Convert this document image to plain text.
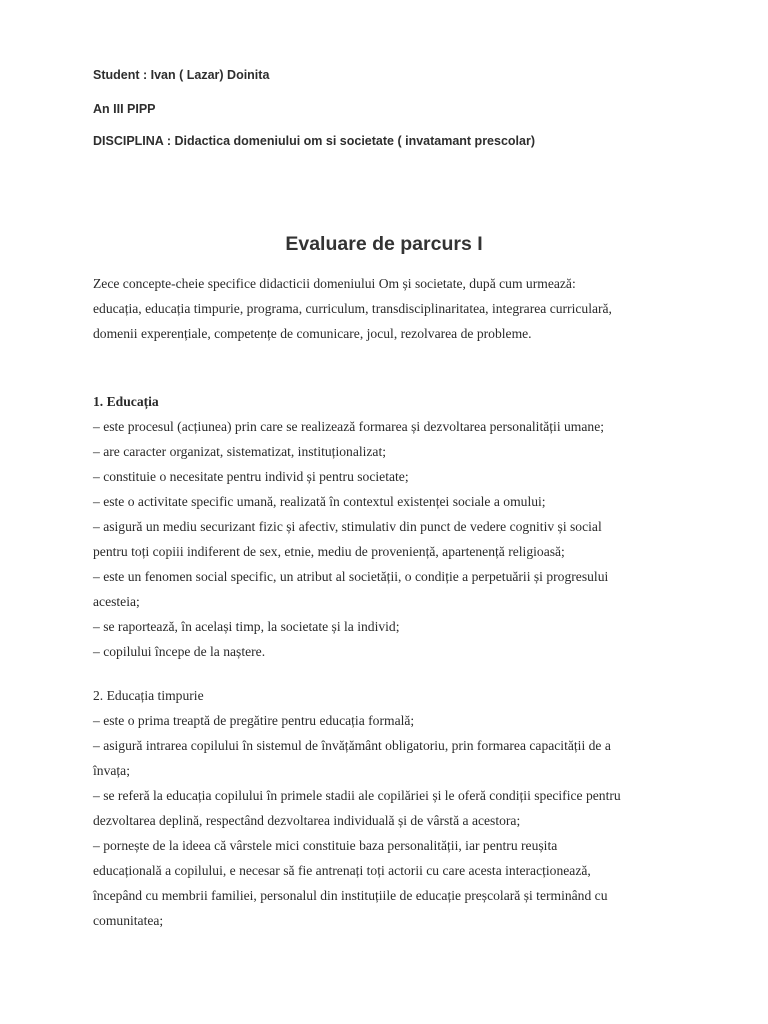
Student : Ivan ( Lazar) Doinita

An III PIPP

DISCIPLINA : Didactica domeniului om si societate ( invatamant prescolar)

Evaluare de parcurs I
Zece concepte-cheie specifice didacticii domeniului Om și societate, după cum urmează:
educația, educația timpurie, programa, curriculum, transdisciplinaritatea, integrarea curriculară,
domenii experențiale, competențe de comunicare, jocul, rezolvarea de probleme.
1. Educația
– este procesul (acțiunea) prin care se realizează formarea și dezvoltarea personalității umane;
– are caracter organizat, sistematizat, instituționalizat;
– constituie o necesitate pentru individ și pentru societate;
– este o activitate specific umană, realizată în contextul existenței sociale a omului;
– asigură un mediu securizant fizic și afectiv, stimulativ din punct de vedere cognitiv și social
pentru toți copiii indiferent de sex, etnie, mediu de proveniență, apartenență religioasă;
– este un fenomen social specific, un atribut al societății, o condiție a perpetuării și progresului
acesteia;
– se raportează, în același timp, la societate și la individ;
– copilului începe de la naștere.
2. Educația timpurie
– este o prima treaptă de pregătire pentru educația formală;
– asigură intrarea copilului în sistemul de învățământ obligatoriu, prin formarea capacității de a
învața;
– se referă la educația copilului în primele stadii ale copilăriei și le oferă condiții specifice pentru
dezvoltarea deplină, respectând dezvoltarea individuală și de vârstă a acestora;
– pornește de la ideea că vârstele mici constituie baza personalității, iar pentru reușita
educațională a copilului, e necesar să fie antrenați toți actorii cu care acesta interacționează,
începând cu membrii familiei, personalul din instituțiile de educație preșcolară și terminând cu
comunitatea;
